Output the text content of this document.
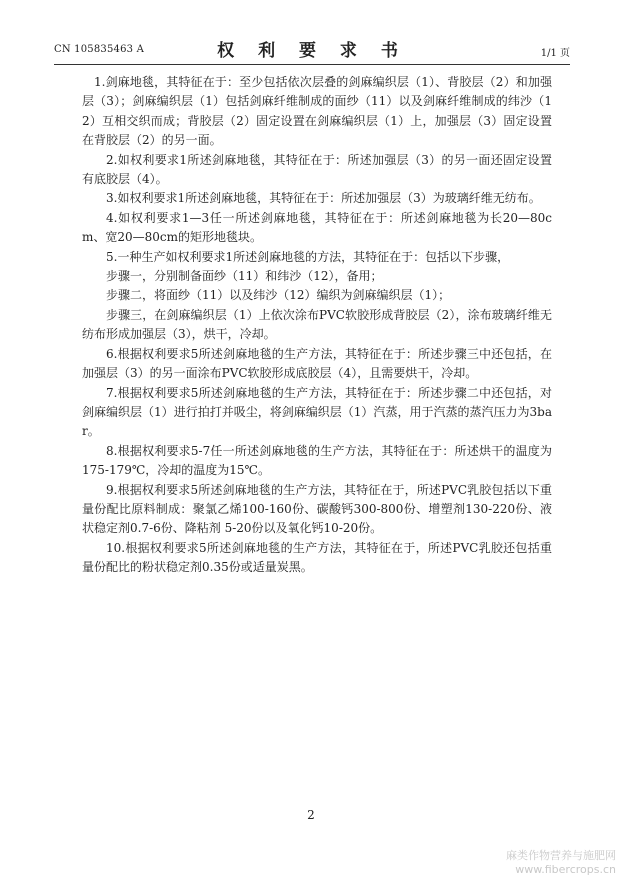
CN 105835463 A	权 利 要 求 书	1/1 页

1.剑麻地毯，其特征在于：至少包括依次层叠的剑麻编织层（1）、背胶层（2）和加强层（3）；剑麻编织层（1）包括剑麻纤维制成的面纱（11）以及剑麻纤维制成的纬沙（12）互相交织而成；背胶层（2）固定设置在剑麻编织层（1）上，加强层（3）固定设置在背胶层（2）的另一面。

2.如权利要求1所述剑麻地毯，其特征在于：所述加强层（3）的另一面还固定设置有底胶层（4）。

3.如权利要求1所述剑麻地毯，其特征在于：所述加强层（3）为玻璃纤维无纺布。

4.如权利要求1—3任一所述剑麻地毯，其特征在于：所述剑麻地毯为长20—80cm、宽20—80cm的矩形地毯块。

5.一种生产如权利要求1所述剑麻地毯的方法，其特征在于：包括以下步骤，

步骤一，分别制备面纱（11）和纬沙（12），备用；

步骤二，将面纱（11）以及纬沙（12）编织为剑麻编织层（1）；

步骤三，在剑麻编织层（1）上依次涂布PVC软胶形成背胶层（2），涂布玻璃纤维无纺布形成加强层（3），烘干，冷却。

6.根据权利要求5所述剑麻地毯的生产方法，其特征在于：所述步骤三中还包括，在加强层（3）的另一面涂布PVC软胶形成底胶层（4），且需要烘干，冷却。

7.根据权利要求5所述剑麻地毯的生产方法，其特征在于：所述步骤二中还包括，对剑麻编织层（1）进行拍打并吸尘，将剑麻编织层（1）汽蒸，用于汽蒸的蒸汽压力为3bar。

8.根据权利要求5-7任一所述剑麻地毯的生产方法，其特征在于：所述烘干的温度为175-179℃，冷却的温度为15℃。

9.根据权利要求5所述剑麻地毯的生产方法，其特征在于，所述PVC乳胶包括以下重量份配比原料制成：聚氯乙烯100-160份、碳酸钙300-800份、增塑剂130-220份、液状稳定剂0.7-6份、降粘剂 5-20份以及氧化钙10-20份。

10.根据权利要求5所述剑麻地毯的生产方法，其特征在于，所述PVC乳胶还包括重量份配比的粉状稳定剂0.35份或适量炭黑。

2
麻类作物营养与施肥网
www.fibercrops.cn
